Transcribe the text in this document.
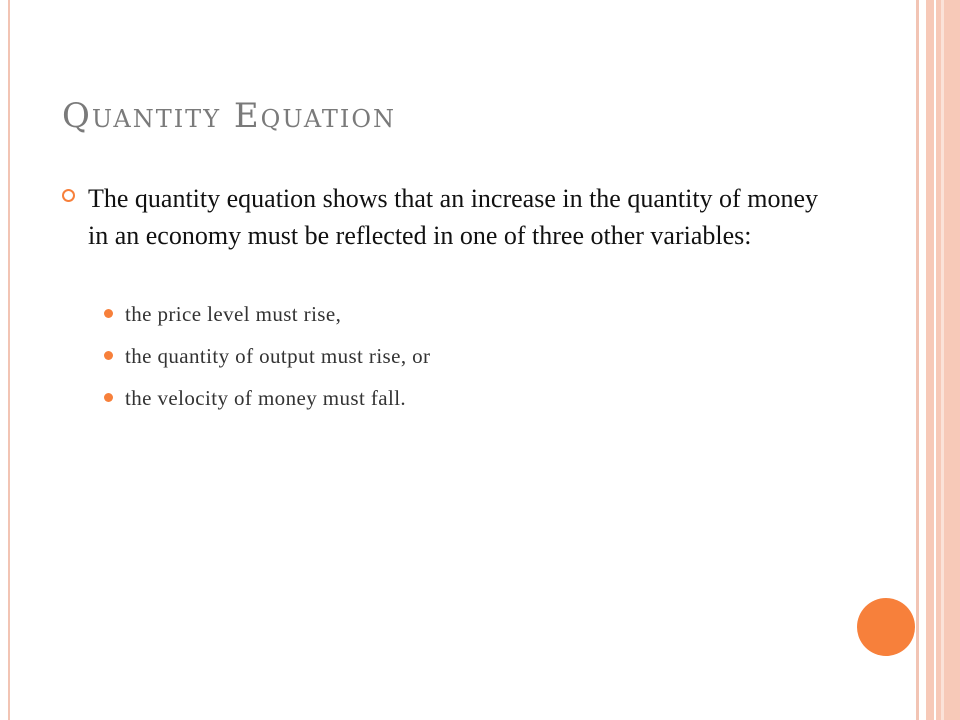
Quantity Equation
The quantity equation shows that an increase in the quantity of money in an economy must be reflected in one of three other variables:
the price level must rise,
the quantity of output must rise, or
the velocity of money must fall.
